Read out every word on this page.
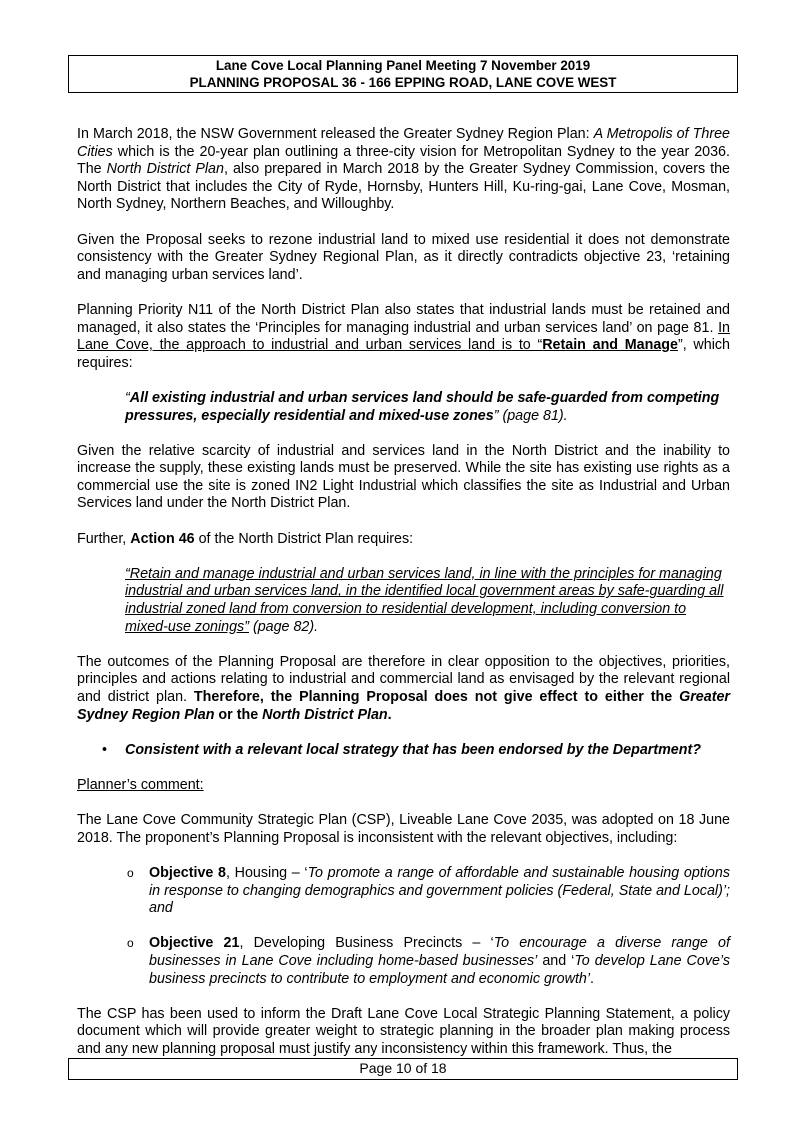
Lane Cove Local Planning Panel Meeting 7 November 2019
PLANNING PROPOSAL 36 - 166 EPPING ROAD, LANE COVE WEST

In March 2018, the NSW Government released the Greater Sydney Region Plan: A Metropolis of Three Cities which is the 20-year plan outlining a three-city vision for Metropolitan Sydney to the year 2036. The North District Plan, also prepared in March 2018 by the Greater Sydney Commission, covers the North District that includes the City of Ryde, Hornsby, Hunters Hill, Ku-ring-gai, Lane Cove, Mosman, North Sydney, Northern Beaches, and Willoughby.

Given the Proposal seeks to rezone industrial land to mixed use residential it does not demonstrate consistency with the Greater Sydney Regional Plan, as it directly contradicts objective 23, ‘retaining and managing urban services land’.

Planning Priority N11 of the North District Plan also states that industrial lands must be retained and managed, it also states the ‘Principles for managing industrial and urban services land’ on page 81. In Lane Cove, the approach to industrial and urban services land is to “Retain and Manage”, which requires:

“All existing industrial and urban services land should be safe-guarded from competing pressures, especially residential and mixed-use zones” (page 81).

Given the relative scarcity of industrial and services land in the North District and the inability to increase the supply, these existing lands must be preserved. While the site has existing use rights as a commercial use the site is zoned IN2 Light Industrial which classifies the site as Industrial and Urban Services land under the North District Plan.

Further, Action 46 of the North District Plan requires:

“Retain and manage industrial and urban services land, in line with the principles for managing industrial and urban services land, in the identified local government areas by safe-guarding all industrial zoned land from conversion to residential development, including conversion to mixed-use zonings” (page 82).

The outcomes of the Planning Proposal are therefore in clear opposition to the objectives, priorities, principles and actions relating to industrial and commercial land as envisaged by the relevant regional and district plan. Therefore, the Planning Proposal does not give effect to either the Greater Sydney Region Plan or the North District Plan.

•	Consistent with a relevant local strategy that has been endorsed by the Department?

Planner’s comment:

The Lane Cove Community Strategic Plan (CSP), Liveable Lane Cove 2035, was adopted on 18 June 2018. The proponent’s Planning Proposal is inconsistent with the relevant objectives, including:

o	Objective 8, Housing – ‘To promote a range of affordable and sustainable housing options in response to changing demographics and government policies (Federal, State and Local)’; and
o	Objective 21, Developing Business Precincts – ‘To encourage a diverse range of businesses in Lane Cove including home-based businesses’ and ‘To develop Lane Cove’s business precincts to contribute to employment and economic growth’.

The CSP has been used to inform the Draft Lane Cove Local Strategic Planning Statement, a policy document which will provide greater weight to strategic planning in the broader plan making process and any new planning proposal must justify any inconsistency within this framework. Thus, the

Page 10 of 18
